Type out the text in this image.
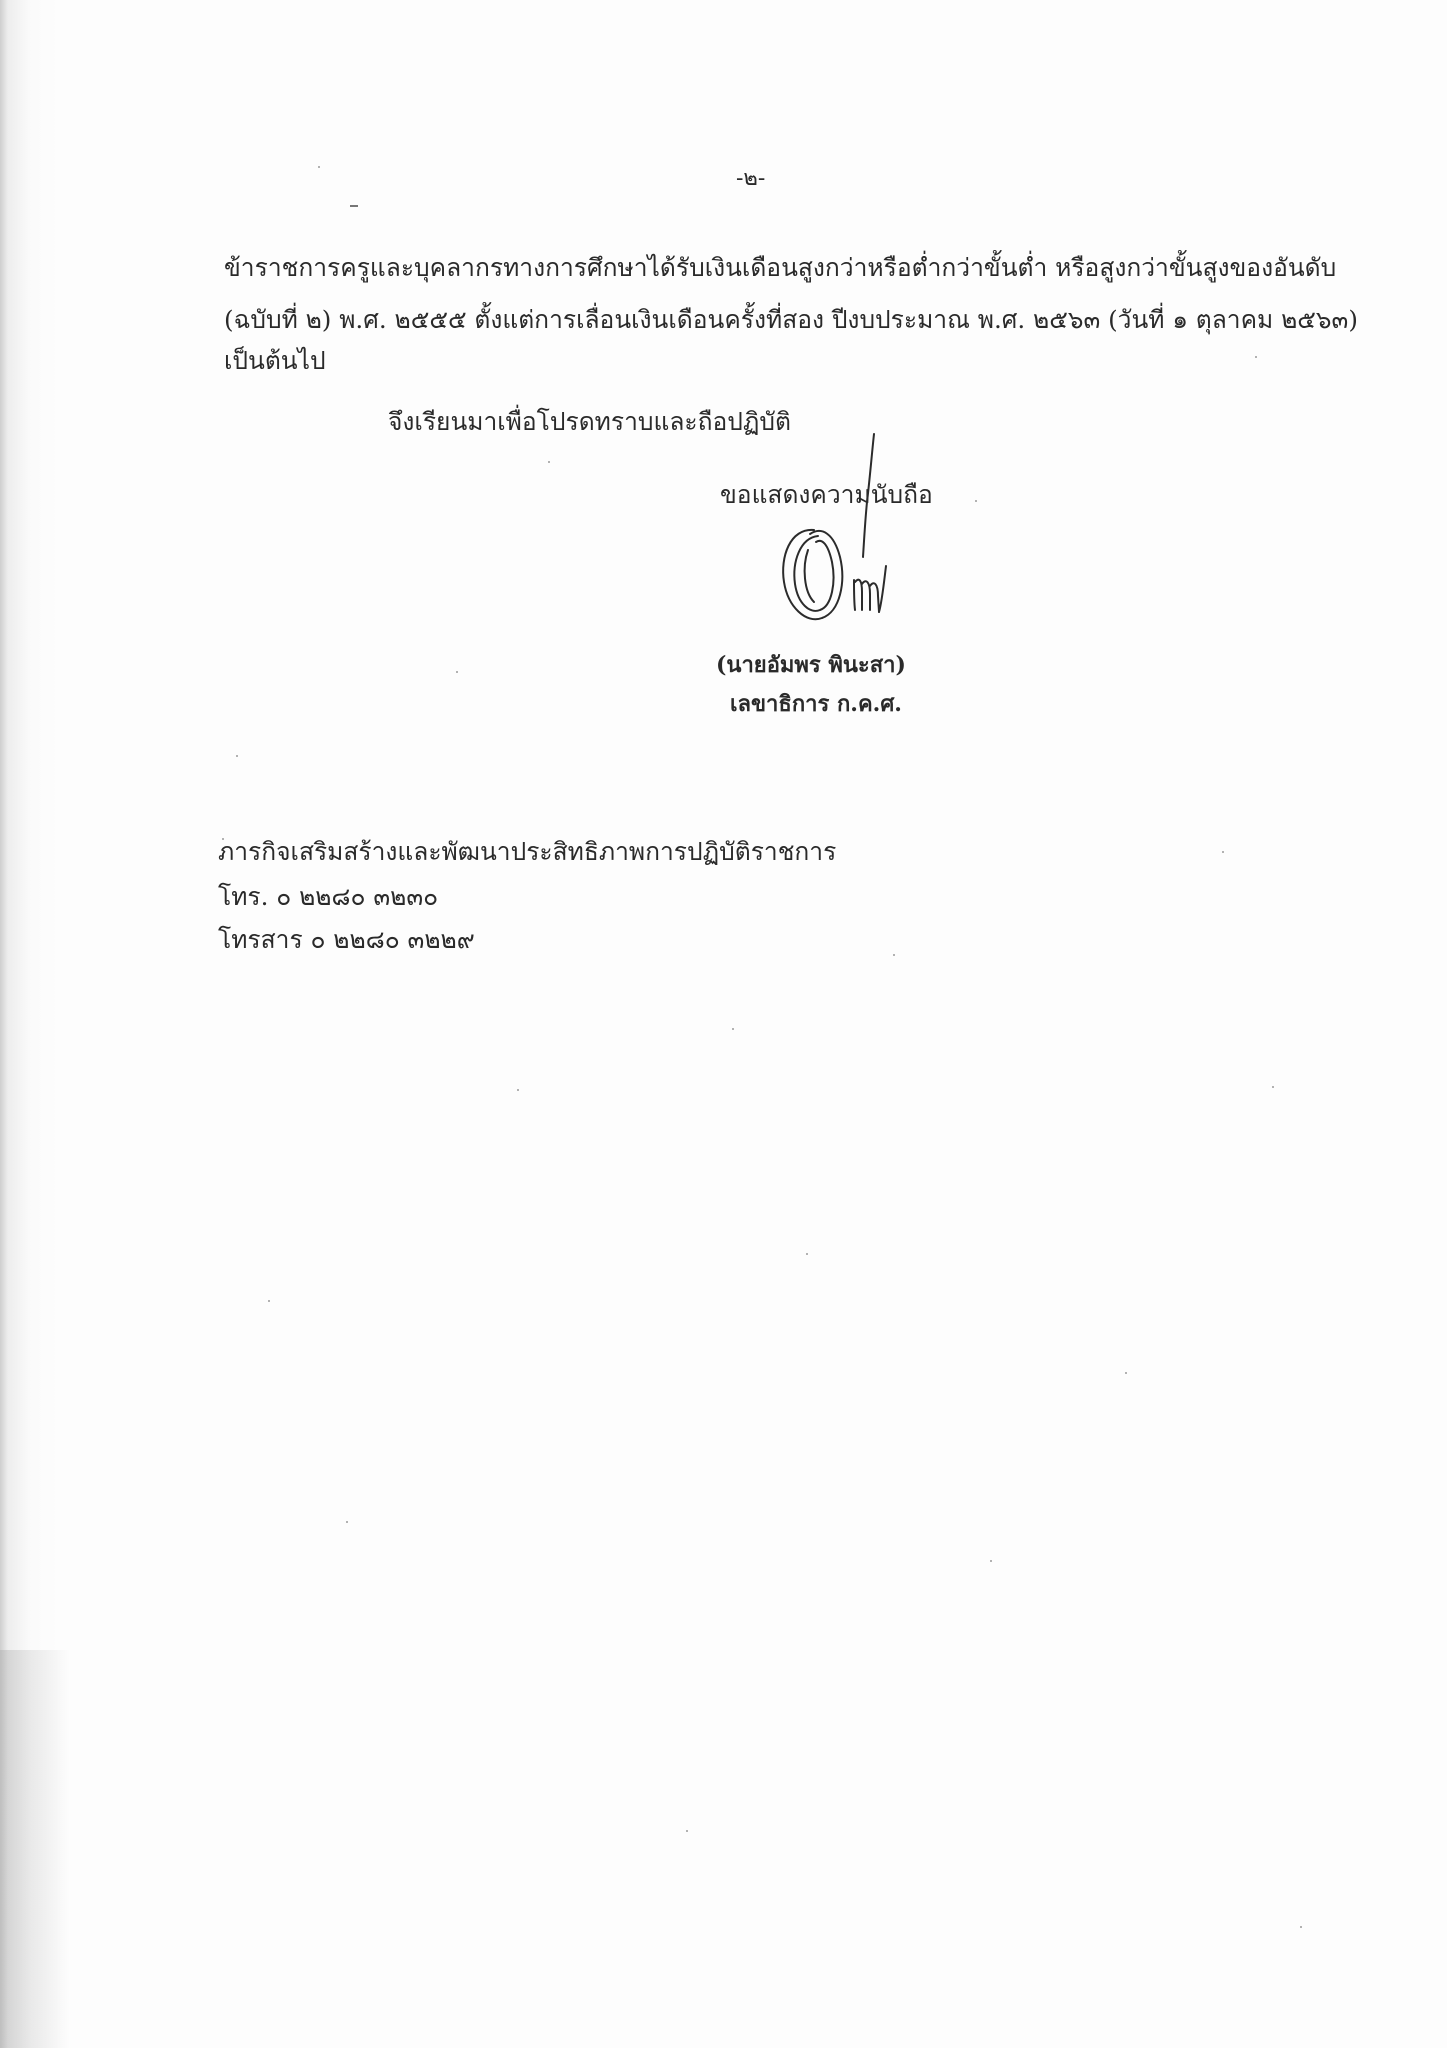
-๒-
ข้าราชการครูและบุคลากรทางการศึกษาได้รับเงินเดือนสูงกว่าหรือต่ำกว่าขั้นต่ำ หรือสูงกว่าขั้นสูงของอันดับ
(ฉบับที่ ๒) พ.ศ. ๒๕๕๕ ตั้งแต่การเลื่อนเงินเดือนครั้งที่สอง ปีงบประมาณ พ.ศ. ๒๕๖๓ (วันที่ ๑ ตุลาคม ๒๕๖๓)
เป็นต้นไป
จึงเรียนมาเพื่อโปรดทราบและถือปฏิบัติ
ขอแสดงความนับถือ
(นายอัมพร พินะสา)
เลขาธิการ ก.ค.ศ.
ภารกิจเสริมสร้างและพัฒนาประสิทธิภาพการปฏิบัติราชการ
โทร. ๐ ๒๒๘๐ ๓๒๓๐
โทรสาร ๐ ๒๒๘๐ ๓๒๒๙
